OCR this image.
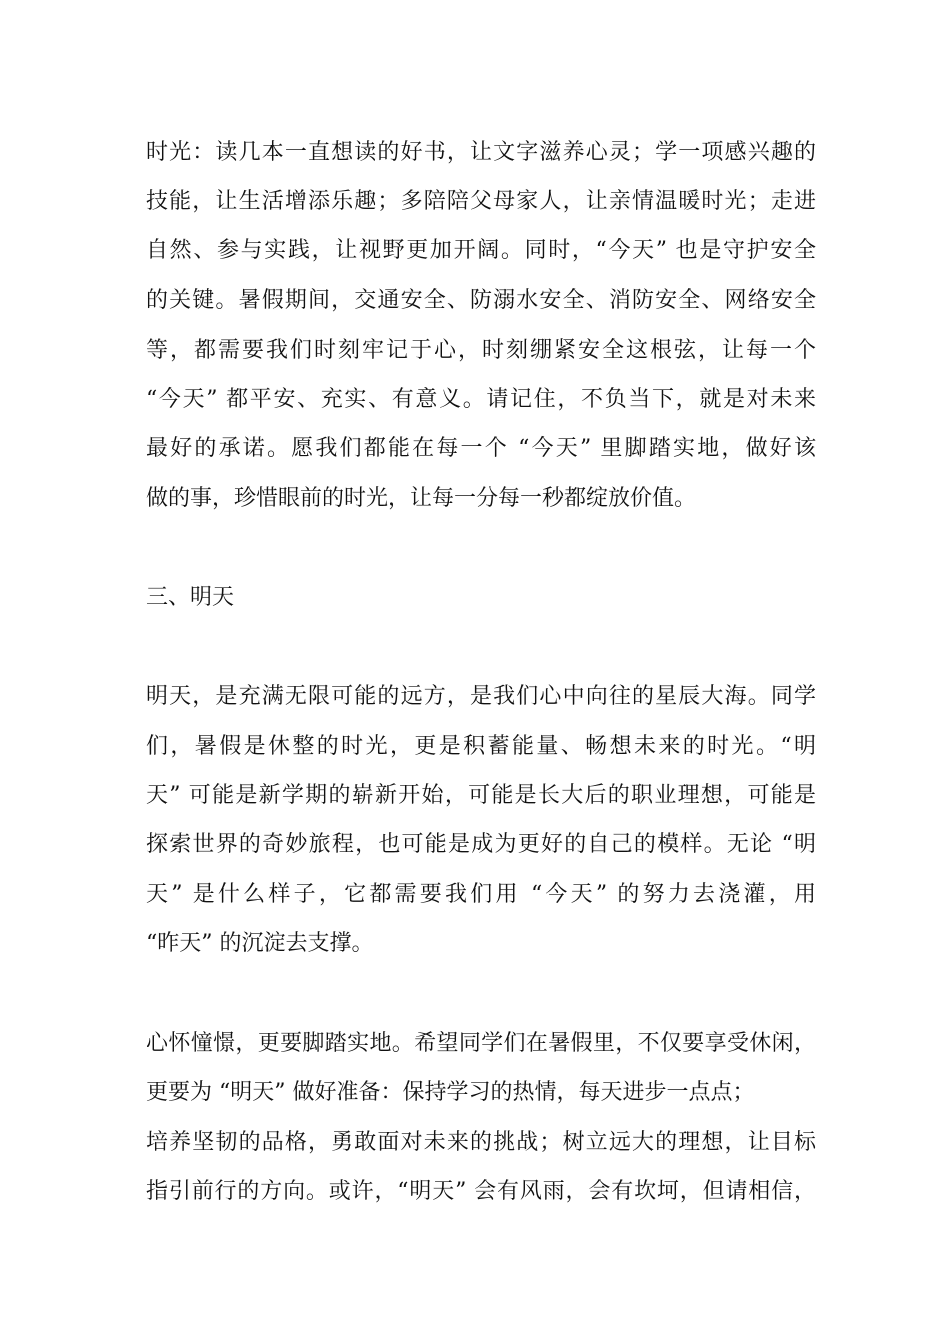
时光：读几本一直想读的好书，让文字滋养心灵；学一项感兴趣的

技能，让生活增添乐趣；多陪陪父母家人，让亲情温暖时光；走进

自然、参与实践，让视野更加开阔。同时，“今天” 也是守护安全

的关键。暑假期间，交通安全、防溺水安全、消防安全、网络安全

等，都需要我们时刻牢记于心，时刻绷紧安全这根弦，让每一个

“今天” 都平安、充实、有意义。请记住，不负当下，就是对未来

最好的承诺。愿我们都能在每一个 “今天” 里脚踏实地，做好该

做的事，珍惜眼前的时光，让每一分每一秒都绽放价值。

三、明天

明天，是充满无限可能的远方，是我们心中向往的星辰大海。同学

们，暑假是休整的时光，更是积蓄能量、畅想未来的时光。“明

天” 可能是新学期的崭新开始，可能是长大后的职业理想，可能是

探索世界的奇妙旅程，也可能是成为更好的自己的模样。无论 “明

天” 是什么样子，它都需要我们用 “今天” 的努力去浇灌，用

“昨天” 的沉淀去支撑。

心怀憧憬，更要脚踏实地。希望同学们在暑假里，不仅要享受休闲，

更要为 “明天” 做好准备：保持学习的热情，每天进步一点点；

培养坚韧的品格，勇敢面对未来的挑战；树立远大的理想，让目标

指引前行的方向。或许，“明天” 会有风雨，会有坎坷，但请相信，
